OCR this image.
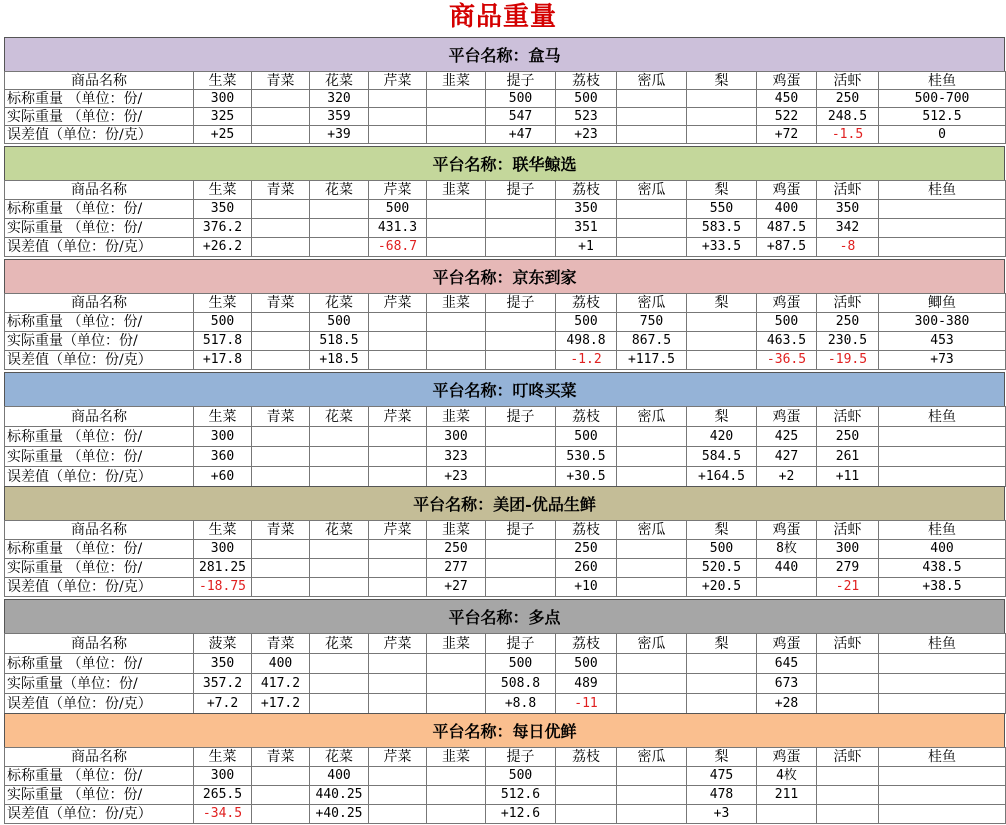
商品重量
平台名称：盒马
商品名称	生菜	青菜	花菜	芹菜	韭菜	提子	荔枝	密瓜	梨	鸡蛋	活虾	桂鱼
标称重量 （单位：份/	300		320			500	500			450	250	500-700
实际重量 （单位：份/	325		359			547	523			522	248.5	512.5
误差值（单位：份/克）	+25		+39			+47	+23			+72	-1.5	0
平台名称：联华鲸选
商品名称	生菜	青菜	花菜	芹菜	韭菜	提子	荔枝	密瓜	梨	鸡蛋	活虾	桂鱼
标称重量 （单位：份/	350			500			350		550	400	350	
实际重量 （单位：份/	376.2			431.3			351		583.5	487.5	342	
误差值（单位：份/克）	+26.2			-68.7			+1		+33.5	+87.5	-8	
平台名称：京东到家
商品名称	生菜	青菜	花菜	芹菜	韭菜	提子	荔枝	密瓜	梨	鸡蛋	活虾	鲫鱼
标称重量 （单位：份/	500		500				500	750		500	250	300-380
实际重量（单位：份/	517.8		518.5				498.8	867.5		463.5	230.5	453
误差值（单位：份/克）	+17.8		+18.5				-1.2	+117.5		-36.5	-19.5	+73
平台名称：叮咚买菜
商品名称	生菜	青菜	花菜	芹菜	韭菜	提子	荔枝	密瓜	梨	鸡蛋	活虾	桂鱼
标称重量 （单位：份/	300				300		500		420	425	250	
实际重量 （单位：份/	360				323		530.5		584.5	427	261	
误差值（单位：份/克）	+60				+23		+30.5		+164.5	+2	+11	
平台名称：美团-优品生鲜
商品名称	生菜	青菜	花菜	芹菜	韭菜	提子	荔枝	密瓜	梨	鸡蛋	活虾	桂鱼
标称重量 （单位：份/	300				250		250		500	8枚	300	400
实际重量 （单位：份/	281.25				277		260		520.5	440	279	438.5
误差值（单位：份/克）	-18.75				+27		+10		+20.5		-21	+38.5
平台名称：多点
商品名称	菠菜	青菜	花菜	芹菜	韭菜	提子	荔枝	密瓜	梨	鸡蛋	活虾	桂鱼
标称重量 （单位：份/	350	400				500	500			645		
实际重量（单位：份/	357.2	417.2				508.8	489			673		
误差值（单位：份/克）	+7.2	+17.2				+8.8	-11			+28		
平台名称：每日优鲜
商品名称	生菜	青菜	花菜	芹菜	韭菜	提子	荔枝	密瓜	梨	鸡蛋	活虾	桂鱼
标称重量 （单位：份/	300		400			500			475	4枚		
实际重量 （单位：份/	265.5		440.25			512.6			478	211		
误差值（单位：份/克）	-34.5		+40.25			+12.6			+3			
